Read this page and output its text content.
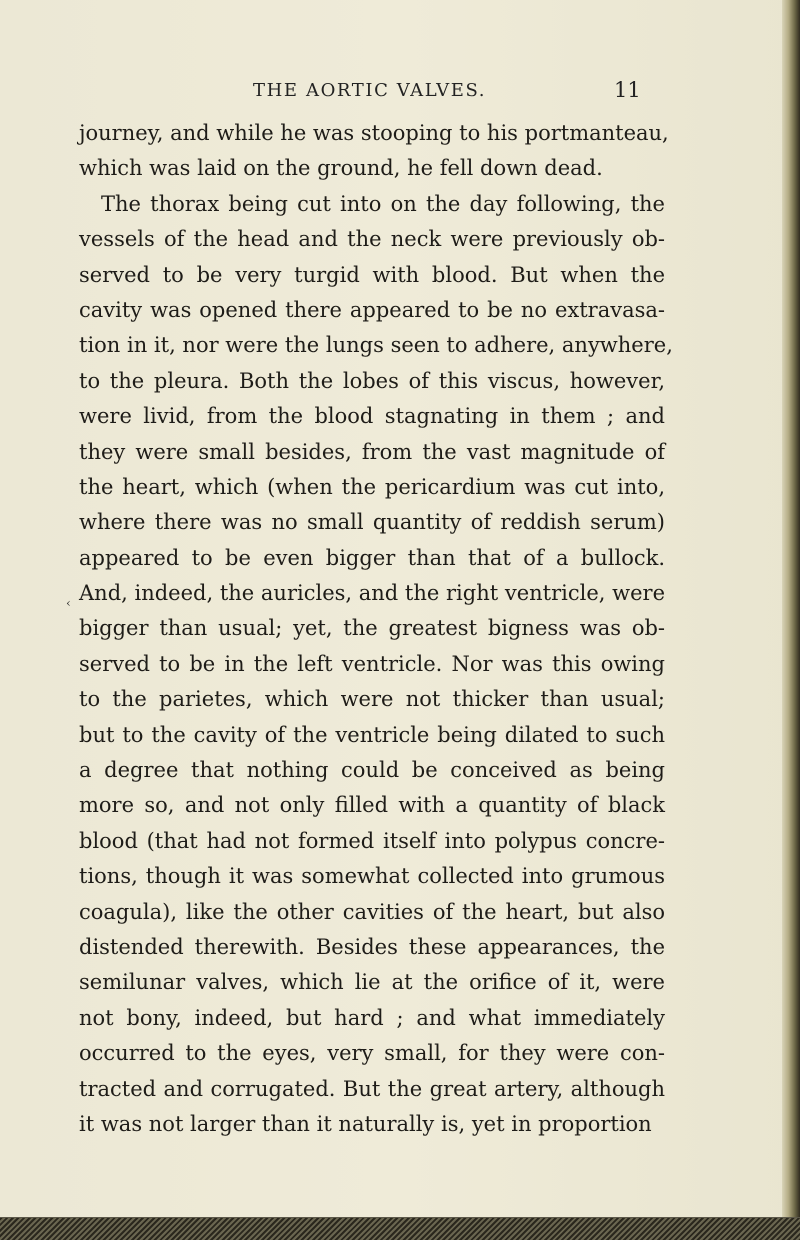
THE AORTIC VALVES.	11
‹
journey, and while he was stooping to his portmanteau,
which was laid on the ground, he fell down dead.
The thorax being cut into on the day following, the
vessels of the head and the neck were previously ob-
served to be very turgid with blood. But when the
cavity was opened there appeared to be no extravasa-
tion in it, nor were the lungs seen to adhere, anywhere,
to the pleura. Both the lobes of this viscus, however,
were livid, from the blood stagnating in them ; and
they were small besides, from the vast magnitude of
the heart, which (when the pericardium was cut into,
where there was no small quantity of reddish serum)
appeared to be even bigger than that of a bullock.
And, indeed, the auricles, and the right ventricle, were
bigger than usual; yet, the greatest bigness was ob-
served to be in the left ventricle. Nor was this owing
to the parietes, which were not thicker than usual;
but to the cavity of the ventricle being dilated to such
a degree that nothing could be conceived as being
more so, and not only filled with a quantity of black
blood (that had not formed itself into polypus concre-
tions, though it was somewhat collected into grumous
coagula), like the other cavities of the heart, but also
distended therewith. Besides these appearances, the
semilunar valves, which lie at the orifice of it, were
not bony, indeed, but hard ; and what immediately
occurred to the eyes, very small, for they were con-
tracted and corrugated. But the great artery, although
it was not larger than it naturally is, yet in proportion
